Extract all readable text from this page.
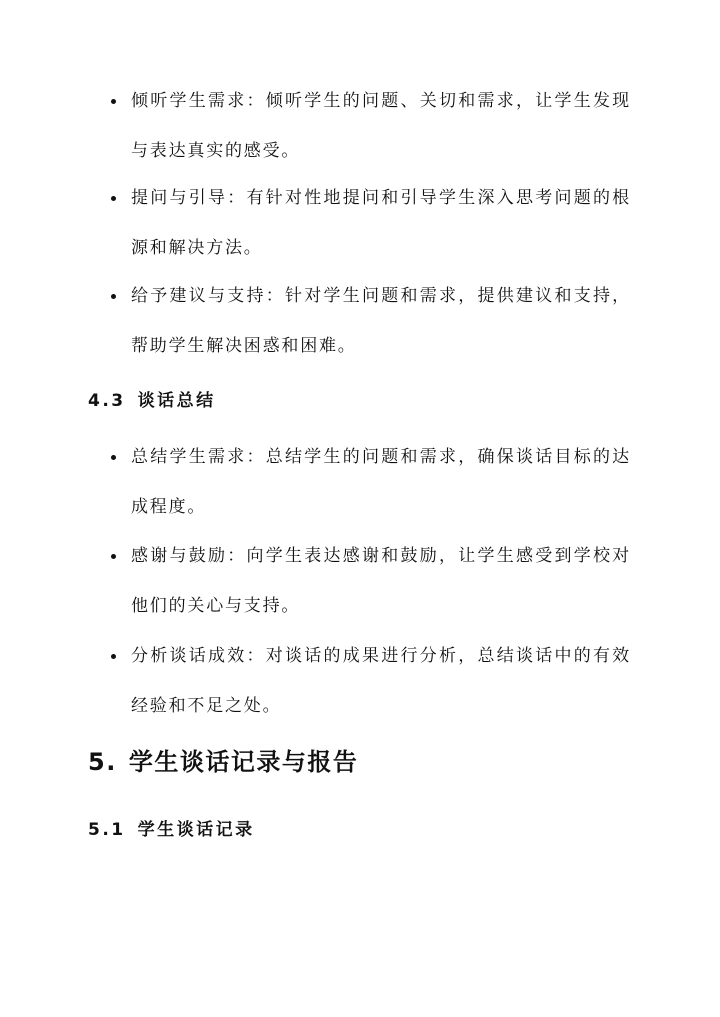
倾听学生需求：倾听学生的问题、关切和需求，让学生发现与表达真实的感受。
提问与引导：有针对性地提问和引导学生深入思考问题的根源和解决方法。
给予建议与支持：针对学生问题和需求，提供建议和支持，帮助学生解决困惑和困难。
4.3 谈话总结
总结学生需求：总结学生的问题和需求，确保谈话目标的达成程度。
感谢与鼓励：向学生表达感谢和鼓励，让学生感受到学校对他们的关心与支持。
分析谈话成效：对谈话的成果进行分析，总结谈话中的有效经验和不足之处。
5. 学生谈话记录与报告
5.1 学生谈话记录
